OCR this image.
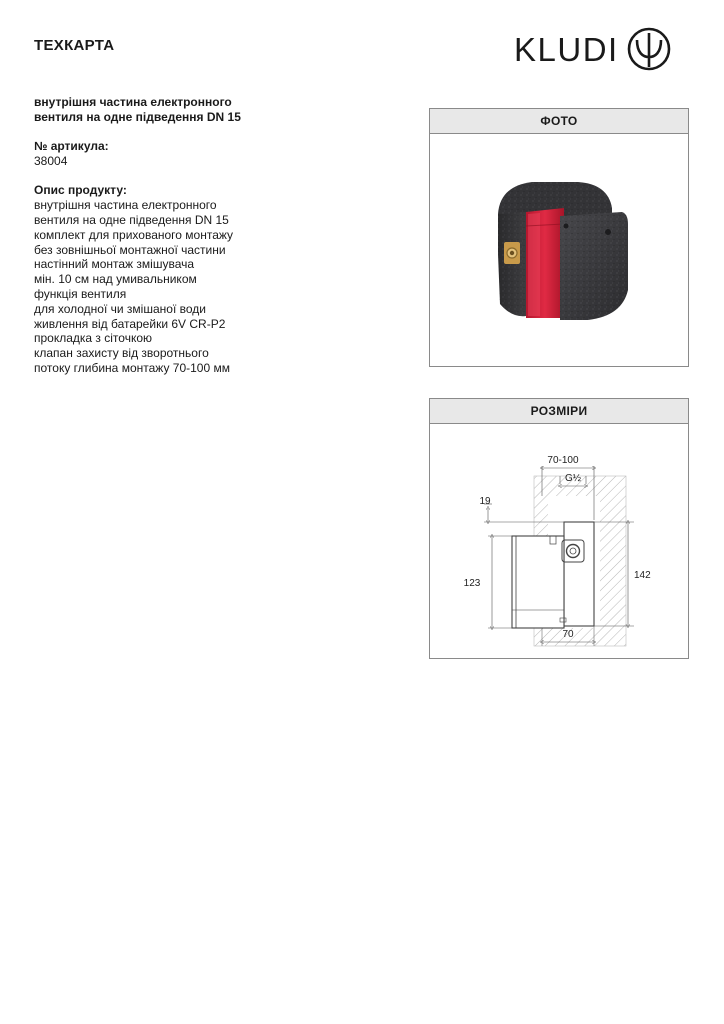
ТЕХКАРТА	KLUDI
внутрішня частина електронного
вентиля на одне підведення DN 15
№ артикула:
38004
Опис продукту:
внутрішня частина електронного
вентиля на одне підведення DN 15
комплект для прихованого монтажу
без зовнішньої монтажної частини
настінний монтаж змішувача
мін. 10 см над умивальником
функція вентиля
для холодної чи змішаної води
живлення від батарейки 6V CR-P2
прокладка з сіточкою
клапан захисту від зворотнього
потоку глибина монтажу 70-100 мм
ФОТО
РОЗМІРИ
70-100
G½
19
123
142
70
